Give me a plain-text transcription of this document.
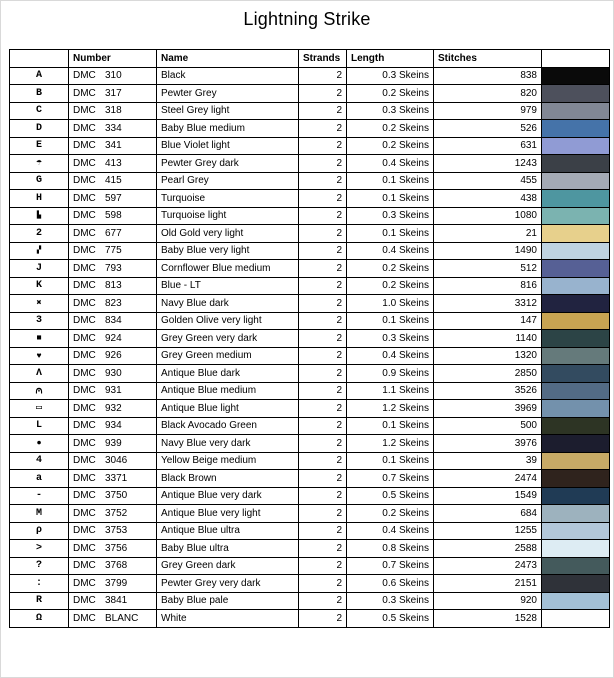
Lightning Strike
	Number	Name	Strands	Length	Stitches	
A	DMC 310	Black	2	0.3 Skeins	838	
B	DMC 317	Pewter Grey	2	0.2 Skeins	820	
C	DMC 318	Steel Grey light	2	0.3 Skeins	979	
D	DMC 334	Baby Blue medium	2	0.2 Skeins	526	
E	DMC 341	Blue Violet light	2	0.2 Skeins	631	
☂	DMC 413	Pewter Grey dark	2	0.4 Skeins	1243	
G	DMC 415	Pearl Grey	2	0.1 Skeins	455	
H	DMC 597	Turquoise	2	0.1 Skeins	438	
▙	DMC 598	Turquoise light	2	0.3 Skeins	1080	
2	DMC 677	Old Gold very light	2	0.1 Skeins	21	
▞	DMC 775	Baby Blue very light	2	0.4 Skeins	1490	
J	DMC 793	Cornflower Blue medium	2	0.2 Skeins	512	
K	DMC 813	Blue - LT	2	0.2 Skeins	816	
✖	DMC 823	Navy Blue dark	2	1.0 Skeins	3312	
3	DMC 834	Golden Olive very light	2	0.1 Skeins	147	
■	DMC 924	Grey Green very dark	2	0.3 Skeins	1140	
♥	DMC 926	Grey Green medium	2	0.4 Skeins	1320	
Λ	DMC 930	Antique Blue dark	2	0.9 Skeins	2850	
⩀	DMC 931	Antique Blue medium	2	1.1 Skeins	3526	
▭	DMC 932	Antique Blue light	2	1.2 Skeins	3969	
L	DMC 934	Black Avocado Green	2	0.1 Skeins	500	
●	DMC 939	Navy Blue very dark	2	1.2 Skeins	3976	
4	DMC 3046	Yellow Beige medium	2	0.1 Skeins	39	
a	DMC 3371	Black Brown	2	0.7 Skeins	2474	
-	DMC 3750	Antique Blue very dark	2	0.5 Skeins	1549	
M	DMC 3752	Antique Blue very light	2	0.2 Skeins	684	
ρ	DMC 3753	Antique Blue ultra	2	0.4 Skeins	1255	
>	DMC 3756	Baby Blue ultra	2	0.8 Skeins	2588	
?	DMC 3768	Grey Green dark	2	0.7 Skeins	2473	
:	DMC 3799	Pewter Grey very dark	2	0.6 Skeins	2151	
R	DMC 3841	Baby Blue pale	2	0.3 Skeins	920	
Ω	DMC BLANC	White	2	0.5 Skeins	1528	
